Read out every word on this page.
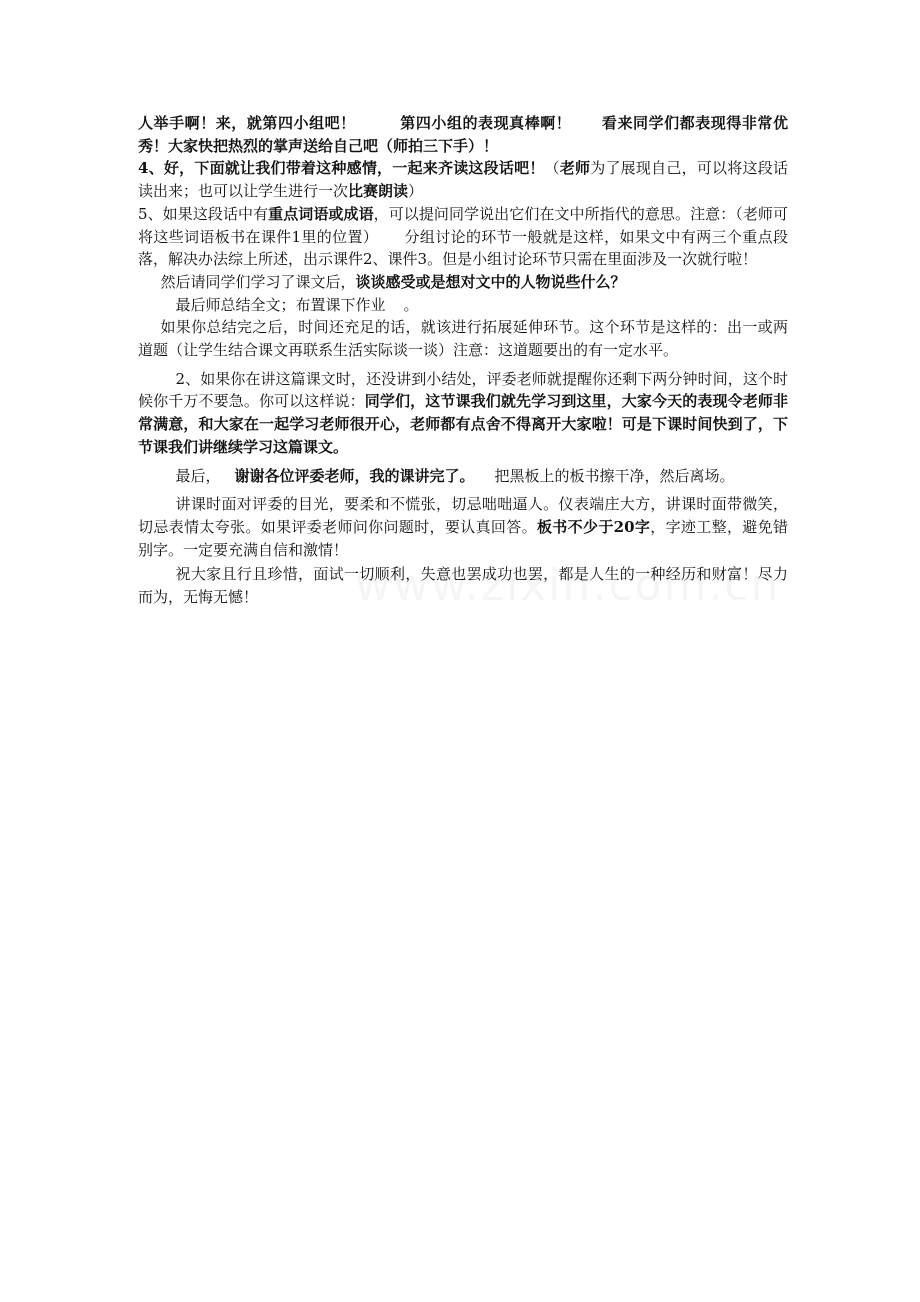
人举手啊！来，就第四小组吧！	第四小组的表现真棒啊！ 看来同学们都表现得非常优秀！大家快把热烈的掌声送给自己吧（师拍三下手）！

4、好，下面就让我们带着这种感情，一起来齐读这段话吧！（老师为了展现自己，可以将这段话读出来；也可以让学生进行一次比赛朗读）

5、如果这段话中有重点词语或成语，可以提问同学说出它们在文中所指代的意思。注意：（老师可将这些词语板书在课件1里的位置） 分组讨论的环节一般就是这样，如果文中有两三个重点段落，解决办法综上所述，出示课件2、课件3。但是小组讨论环节只需在里面涉及一次就行啦！

然后请同学们学习了课文后，谈谈感受或是想对文中的人物说些什么？

最后师总结全文；布置课下作业 。

如果你总结完之后，时间还充足的话，就该进行拓展延伸环节。这个环节是这样的：出一或两道题（让学生结合课文再联系生活实际谈一谈）注意：这道题要出的有一定水平。

2、如果你在讲这篇课文时，还没讲到小结处，评委老师就提醒你还剩下两分钟时间，这个时候你千万不要急。你可以这样说：同学们，这节课我们就先学习到这里，大家今天的表现令老师非常满意，和大家在一起学习老师很开心，老师都有点舍不得离开大家啦！可是下课时间快到了，下节课我们讲继续学习这篇课文。

最后， 谢谢各位评委老师，我的课讲完了。 把黑板上的板书擦干净，然后离场。

讲课时面对评委的目光，要柔和不慌张，切忌咄咄逼人。仪表端庄大方，讲课时面带微笑，切忌表情太夸张。如果评委老师问你问题时，要认真回答。板书不少于20字，字迹工整，避免错别字。一定要充满自信和激情！

祝大家且行且珍惜，面试一切顺利，失意也罢成功也罢，都是人生的一种经历和财富！尽力而为，无悔无憾！
